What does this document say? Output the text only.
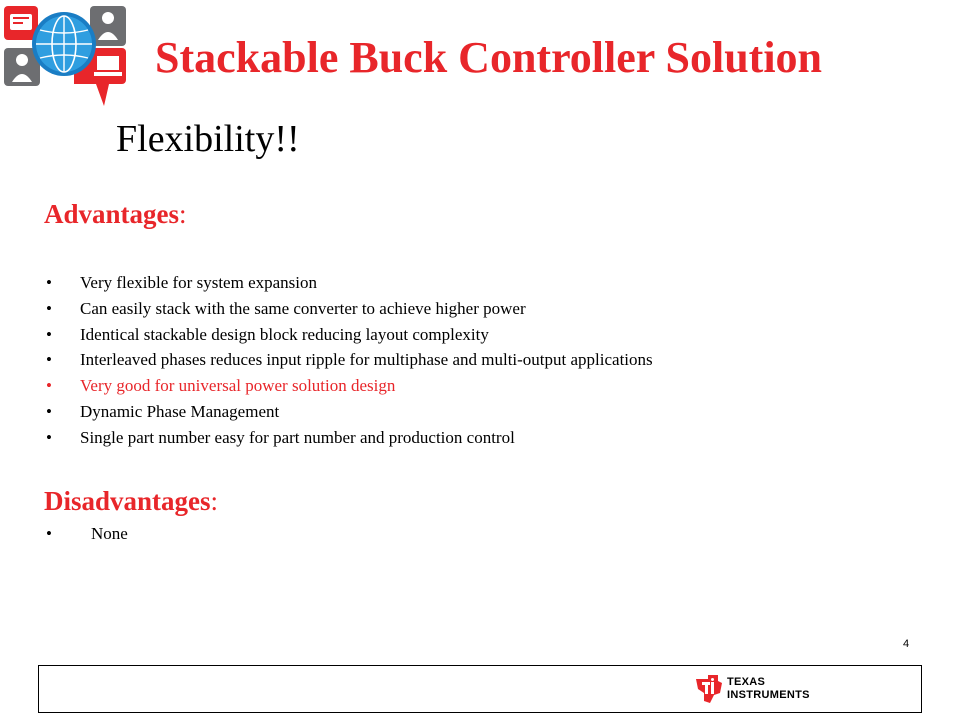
Stackable Buck Controller Solution
Flexibility!!
Advantages:
• Very flexible for system expansion
• Can easily stack with the same converter to achieve higher power
• Identical stackable design block reducing layout complexity
• Interleaved phases reduces input ripple for multiphase and multi-output applications
• Very good for universal power solution design
• Dynamic Phase Management
• Single part number easy for part number and production control
Disadvantages:
• None
4
TEXAS
INSTRUMENTS
